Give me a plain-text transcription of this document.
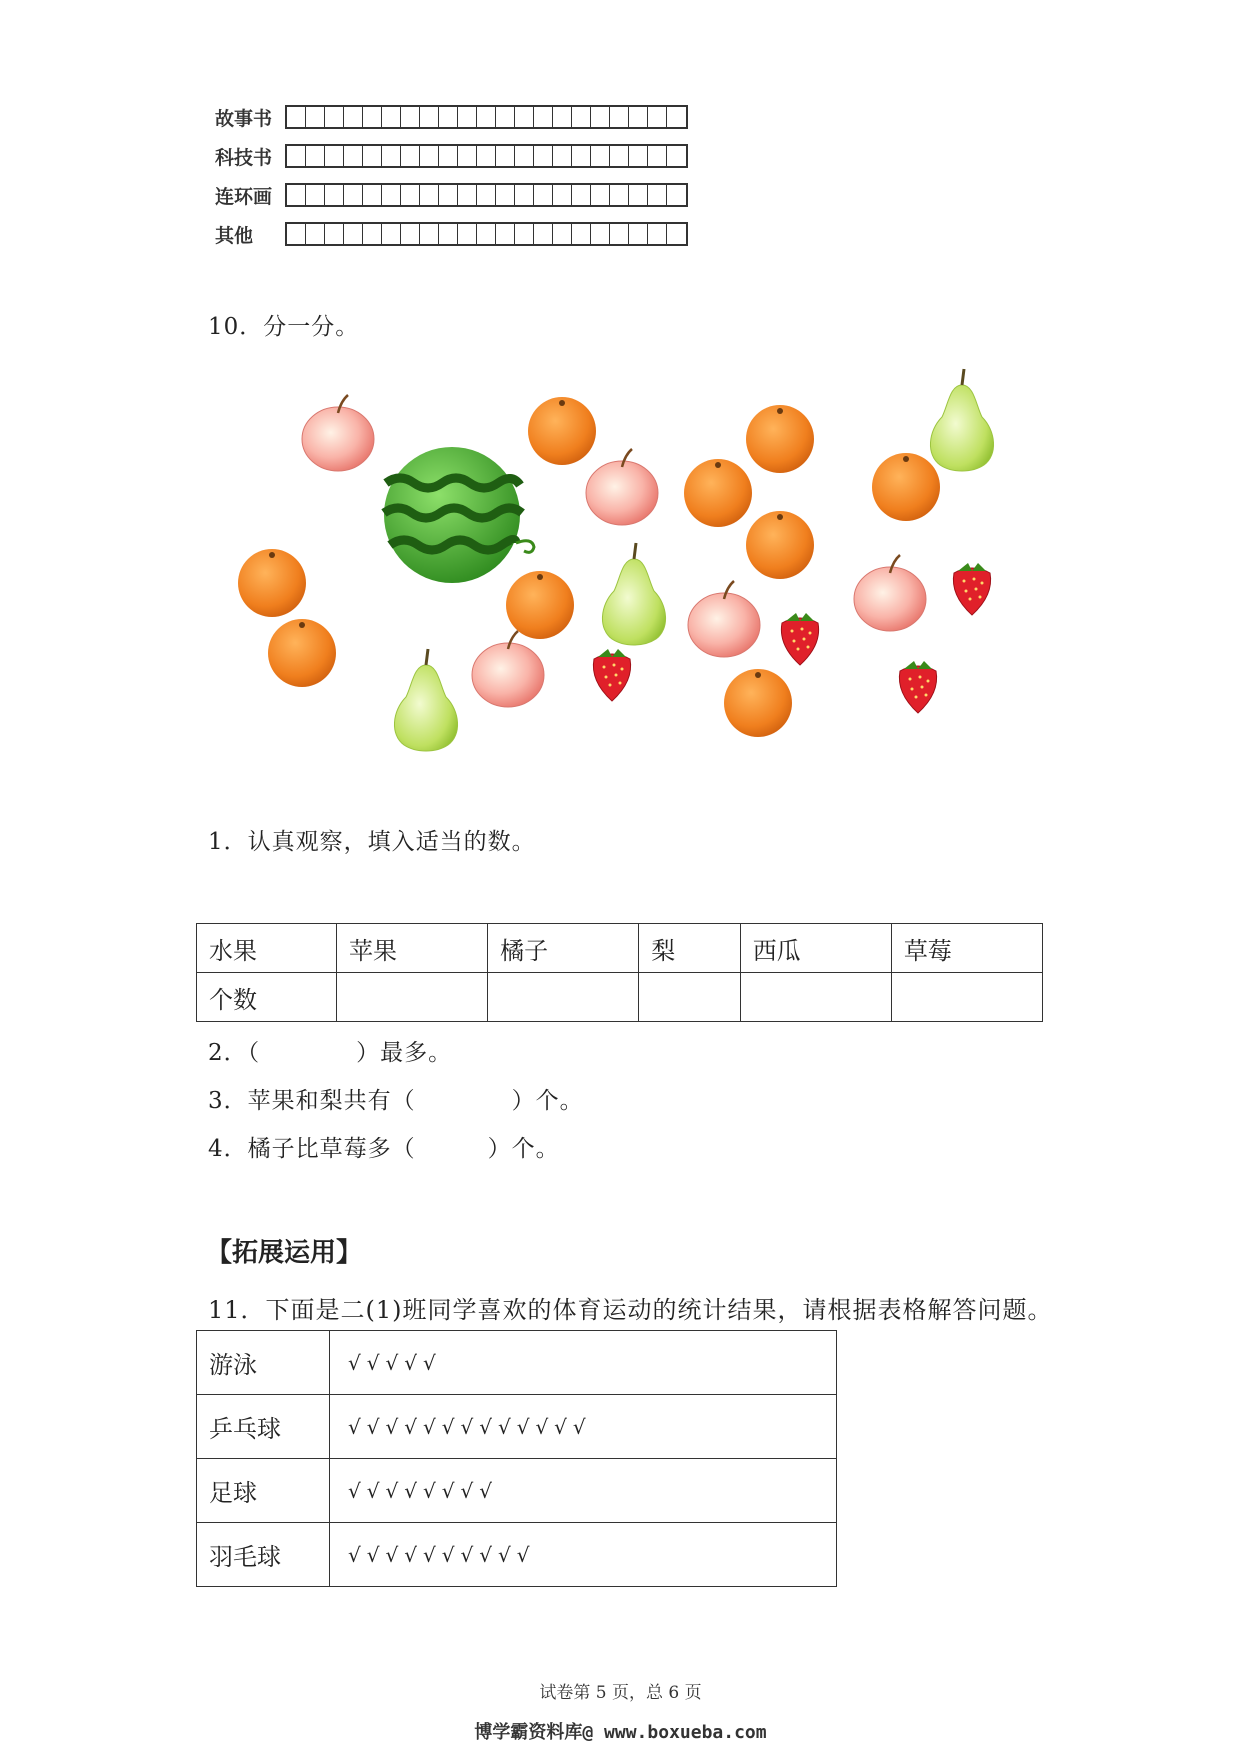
故事书
科技书
连环画
其他
10．分一分。
1．认真观察，填入适当的数。
水果	苹果	橘子	梨	西瓜	草莓
个数					
2．（　　　　）最多。
3．苹果和梨共有（　　　　）个。
4．橘子比草莓多（　　　）个。
【拓展运用】
11．下面是二(1)班同学喜欢的体育运动的统计结果，请根据表格解答问题。
游泳	√√√√√
乒乓球	√√√√√√√√√√√√√
足球	√√√√√√√√
羽毛球	√√√√√√√√√√
试卷第 5 页，总 6 页
博学霸资料库@ www.boxueba.com
